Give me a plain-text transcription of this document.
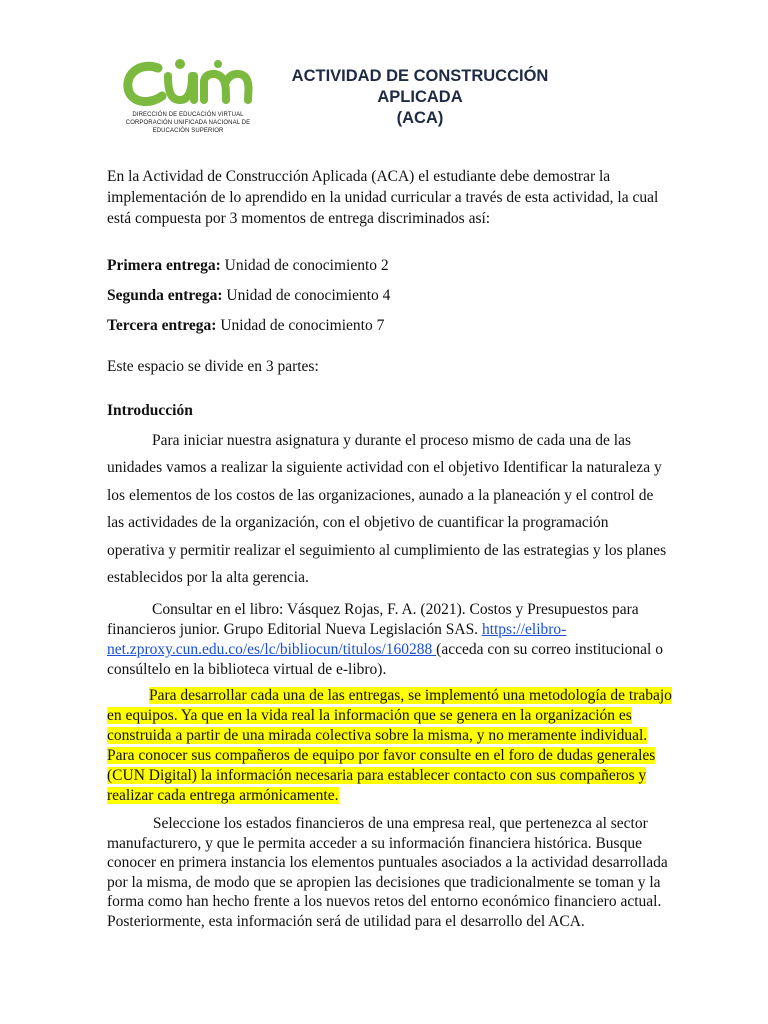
DIRECCIÓN DE EDUCACIÓN VIRTUAL
CORPORACIÓN UNIFICADA NACIONAL DE
EDUCACIÓN SUPERIOR
ACTIVIDAD DE CONSTRUCCIÓN APLICADA
(ACA)

En la Actividad de Construcción Aplicada (ACA) el estudiante debe demostrar la implementación de lo aprendido en la unidad curricular a través de esta actividad, la cual está compuesta por 3 momentos de entrega discriminados así:

Primera entrega: Unidad de conocimiento 2
Segunda entrega: Unidad de conocimiento 4
Tercera entrega: Unidad de conocimiento 7

Este espacio se divide en 3 partes:

Introducción

Para iniciar nuestra asignatura y durante el proceso mismo de cada una de las unidades vamos a realizar la siguiente actividad con el objetivo Identificar la naturaleza y los elementos de los costos de las organizaciones, aunado a la planeación y el control de las actividades de la organización, con el objetivo de cuantificar la programación operativa y permitir realizar el seguimiento al cumplimiento de las estrategias y los planes establecidos por la alta gerencia.

Consultar en el libro: Vásquez Rojas, F. A. (2021). Costos y Presupuestos para financieros junior. Grupo Editorial Nueva Legislación SAS. https://elibro-net.zproxy.cun.edu.co/es/lc/bibliocun/titulos/160288 (acceda con su correo institucional o consúltelo en la biblioteca virtual de e-libro).

Para desarrollar cada una de las entregas, se implementó una metodología de trabajo en equipos. Ya que en la vida real la información que se genera en la organización es construida a partir de una mirada colectiva sobre la misma, y no meramente individual. Para conocer sus compañeros de equipo por favor consulte en el foro de dudas generales (CUN Digital) la información necesaria para establecer contacto con sus compañeros y realizar cada entrega armónicamente.

Seleccione los estados financieros de una empresa real, que pertenezca al sector manufacturero, y que le permita acceder a su información financiera histórica. Busque conocer en primera instancia los elementos puntuales asociados a la actividad desarrollada por la misma, de modo que se apropien las decisiones que tradicionalmente se toman y la forma como han hecho frente a los nuevos retos del entorno económico financiero actual. Posteriormente, esta información será de utilidad para el desarrollo del ACA.
